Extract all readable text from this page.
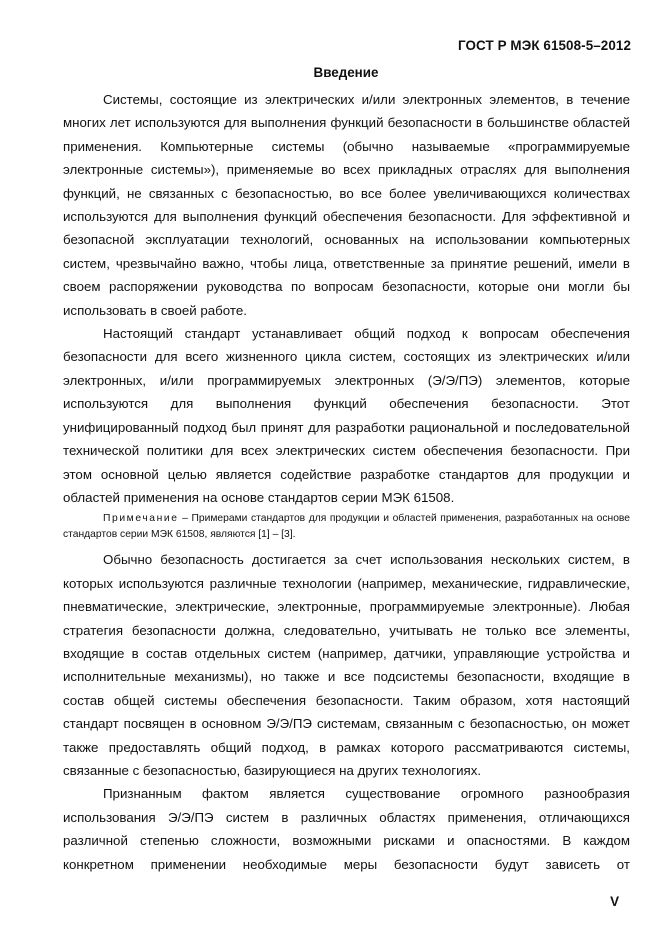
ГОСТ Р МЭК 61508-5–2012
Введение

Системы, состоящие из электрических и/или электронных элементов, в течение многих лет используются для выполнения функций безопасности в большинстве областей применения. Компьютерные системы (обычно называемые «программируемые электронные системы»), применяемые во всех прикладных отраслях для выполнения функций, не связанных с безопасностью, во все более увеличивающихся количествах используются для выполнения функций обеспечения безопасности. Для эффективной и безопасной эксплуатации технологий, основанных на использовании компьютерных систем, чрезвычайно важно, чтобы лица, ответственные за принятие решений, имели в своем распоряжении руководства по вопросам безопасности, которые они могли бы использовать в своей работе.

Настоящий стандарт устанавливает общий подход к вопросам обеспечения безопасности для всего жизненного цикла систем, состоящих из электрических и/или электронных, и/или программируемых электронных (Э/Э/ПЭ) элементов, которые используются для выполнения функций обеспечения безопасности. Этот унифицированный подход был принят для разработки рациональной и последовательной технической политики для всех электрических систем обеспечения безопасности. При этом основной целью является содействие разработке стандартов для продукции и областей применения на основе стандартов серии МЭК 61508.

Примечание – Примерами стандартов для продукции и областей применения, разработанных на основе стандартов серии МЭК 61508, являются [1] – [3].

Обычно безопасность достигается за счет использования нескольких систем, в которых используются различные технологии (например, механические, гидравлические, пневматические, электрические, электронные, программируемые электронные). Любая стратегия безопасности должна, следовательно, учитывать не только все элементы, входящие в состав отдельных систем (например, датчики, управляющие устройства и исполнительные механизмы), но также и все подсистемы безопасности, входящие в состав общей системы обеспечения безопасности. Таким образом, хотя настоящий стандарт посвящен в основном Э/Э/ПЭ системам, связанным с безопасностью, он может также предоставлять общий подход, в рамках которого рассматриваются системы, связанные с безопасностью, базирующиеся на других технологиях.

Признанным фактом является существование огромного разнообразия использования Э/Э/ПЭ систем в различных областях применения, отличающихся различной степенью сложности, возможными рисками и опасностями. В каждом конкретном применении необходимые меры безопасности будут зависеть от

V
